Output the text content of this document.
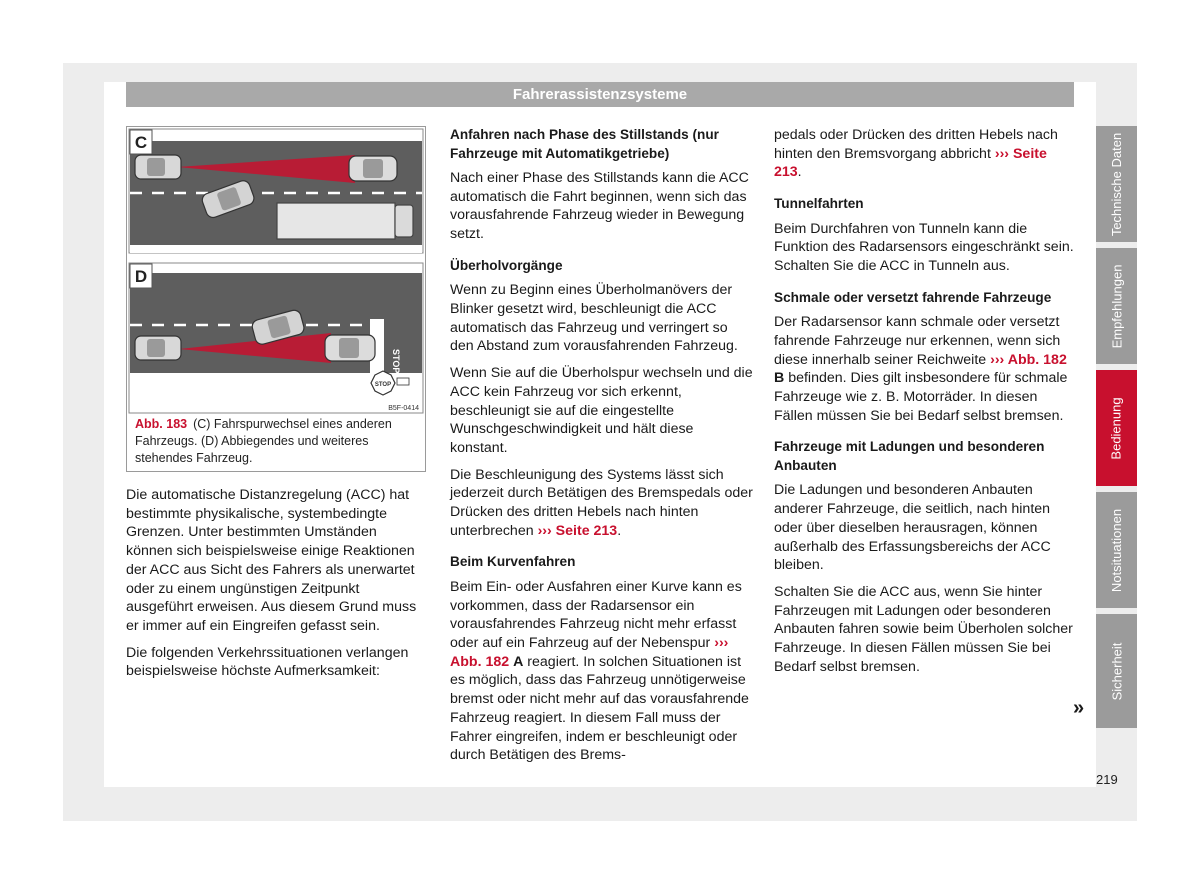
Fahrerassistenzsysteme
C
D
STOP
STOP
B5F-0414
Abb. 183 (C) Fahrspurwechsel eines anderen Fahrzeugs. (D) Abbiegendes und weiteres stehendes Fahrzeug.

Die automatische Distanzregelung (ACC) hat bestimmte physikalische, systembedingte Grenzen. Unter bestimmten Umständen können sich beispielsweise einige Reaktionen der ACC aus Sicht des Fahrers als unerwartet oder zu einem ungünstigen Zeitpunkt ausgeführt erweisen. Aus diesem Grund muss er immer auf ein Eingreifen gefasst sein.

Die folgenden Verkehrssituationen verlangen beispielsweise höchste Aufmerksamkeit:

Anfahren nach Phase des Stillstands (nur Fahrzeuge mit Automatikgetriebe)

Nach einer Phase des Stillstands kann die ACC automatisch die Fahrt beginnen, wenn sich das vorausfahrende Fahrzeug wieder in Bewegung setzt.

Überholvorgänge

Wenn zu Beginn eines Überholmanövers der Blinker gesetzt wird, beschleunigt die ACC automatisch das Fahrzeug und verringert so den Abstand zum vorausfahrenden Fahrzeug.

Wenn Sie auf die Überholspur wechseln und die ACC kein Fahrzeug vor sich erkennt, beschleunigt sie auf die eingestellte Wunschgeschwindigkeit und hält diese konstant.

Die Beschleunigung des Systems lässt sich jederzeit durch Betätigen des Bremspedals oder Drücken des dritten Hebels nach hinten unterbrechen ››› Seite 213.

Beim Kurvenfahren

Beim Ein- oder Ausfahren einer Kurve kann es vorkommen, dass der Radarsensor ein vorausfahrendes Fahrzeug nicht mehr erfasst oder auf ein Fahrzeug auf der Nebenspur ››› Abb. 182 A reagiert. In solchen Situationen ist es möglich, dass das Fahrzeug unnötigerweise bremst oder nicht mehr auf das vorausfahrende Fahrzeug reagiert. In diesem Fall muss der Fahrer eingreifen, indem er beschleunigt oder durch Betätigen des Brems-

pedals oder Drücken des dritten Hebels nach hinten den Bremsvorgang abbricht ››› Seite 213.

Tunnelfahrten

Beim Durchfahren von Tunneln kann die Funktion des Radarsensors eingeschränkt sein. Schalten Sie die ACC in Tunneln aus.

Schmale oder versetzt fahrende Fahrzeuge

Der Radarsensor kann schmale oder versetzt fahrende Fahrzeuge nur erkennen, wenn sich diese innerhalb seiner Reichweite ››› Abb. 182 B befinden. Dies gilt insbesondere für schmale Fahrzeuge wie z. B. Motorräder. In diesen Fällen müssen Sie bei Bedarf selbst bremsen.

Fahrzeuge mit Ladungen und besonderen Anbauten

Die Ladungen und besonderen Anbauten anderer Fahrzeuge, die seitlich, nach hinten oder über dieselben herausragen, können außerhalb des Erfassungsbereichs der ACC bleiben.

Schalten Sie die ACC aus, wenn Sie hinter Fahrzeugen mit Ladungen oder besonderen Anbauten fahren sowie beim Überholen solcher Fahrzeuge. In diesen Fällen müssen Sie bei Bedarf selbst bremsen.

»
Technische Daten
Empfehlungen
Bedienung
Notsituationen
Sicherheit
219
